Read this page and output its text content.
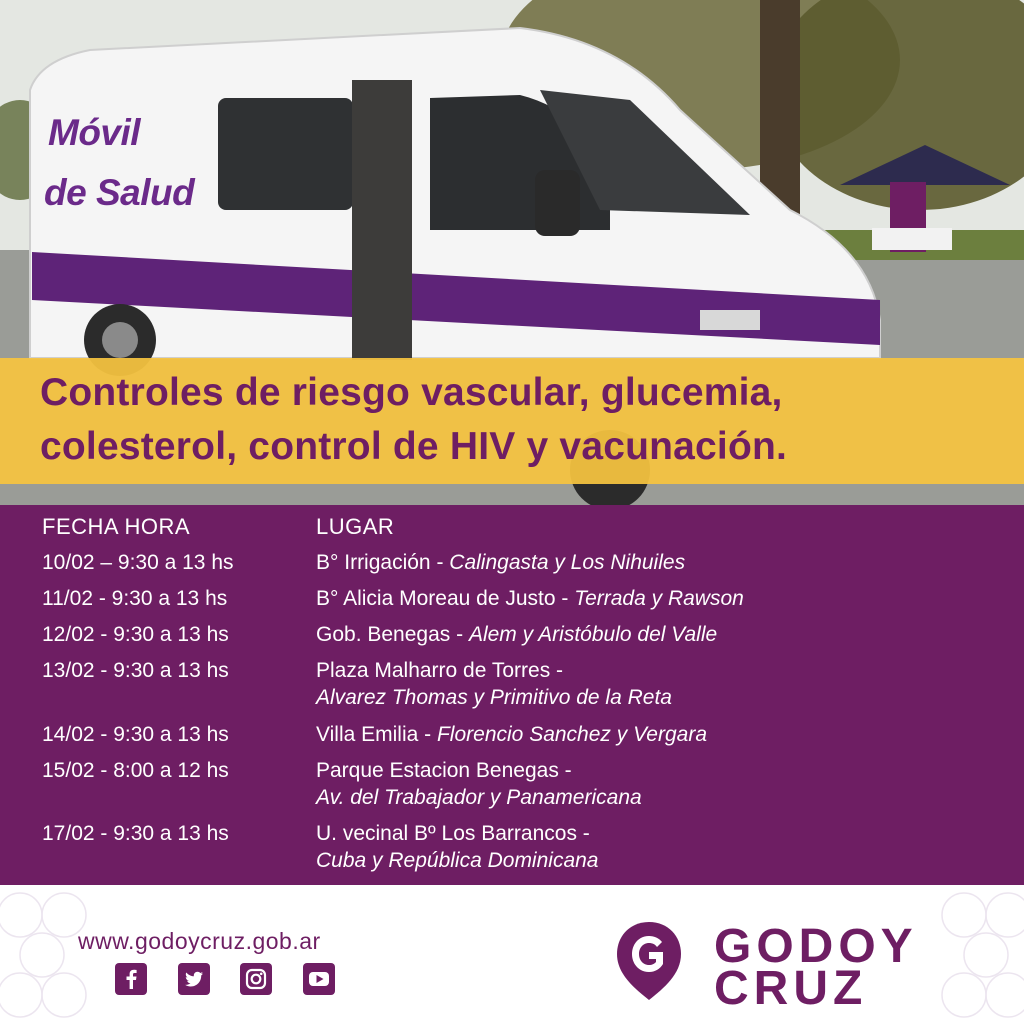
Móvil
de Salud
Controles de riesgo vascular, glucemia,
colesterol, control de HIV y vacunación.
FECHA HORA	LUGAR
10/02 – 9:30 a 13 hs	B° Irrigación - Calingasta y Los Nihuiles
11/02 - 9:30 a 13 hs	B° Alicia Moreau de Justo - Terrada y Rawson
12/02 - 9:30 a 13 hs	Gob. Benegas - Alem y Aristóbulo del Valle
13/02 - 9:30 a 13 hs	Plaza Malharro de Torres -
Alvarez Thomas y Primitivo de la Reta
14/02 - 9:30 a 13 hs	Villa Emilia - Florencio Sanchez y Vergara
15/02 - 8:00 a 12 hs	Parque Estacion Benegas -
Av. del Trabajador y Panamericana
17/02 - 9:30 a 13 hs	U. vecinal Bº Los Barrancos -
Cuba y República Dominicana
www.godoycruz.gob.ar	GODOY
CRUZ
